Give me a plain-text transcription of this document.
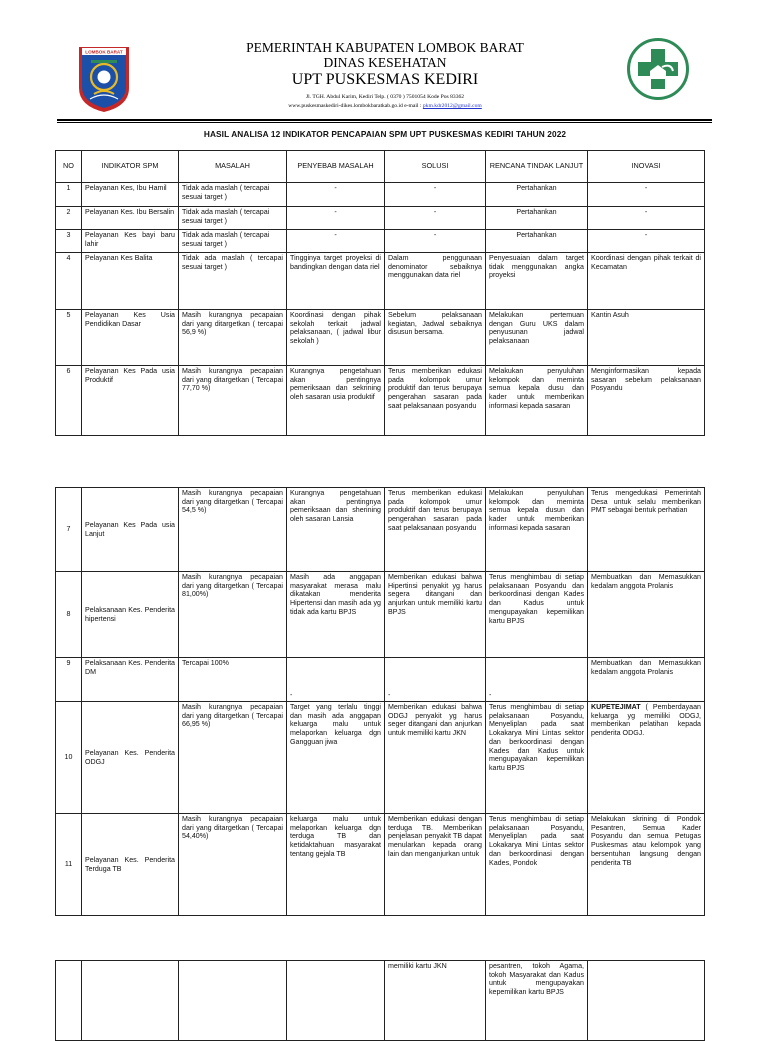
LOMBOK BARAT	PEMERINTAH KABUPATEN LOMBOK BARAT
DINAS KESEHATAN
UPT PUSKESMAS KEDIRI
Jl. TGH. Abdul Karim, Kediri Telp. ( 0370 ) 7501054 Kode Pos 83362
www.puskesmaskediri-dikes.lombokbaratkab.go.id e-mail : pkm.kdr2012@gmail.com
HASIL ANALISA 12 INDIKATOR PENCAPAIAN SPM UPT PUSKESMAS KEDIRI TAHUN 2022
NO	INDIKATOR SPM	MASALAH	PENYEBAB MASALAH	SOLUSI	RENCANA TINDAK LANJUT	INOVASI
1	Pelayanan Kes, Ibu Hamil	Tidak ada maslah ( tercapai sesuai target )	-	-	Pertahankan	-
2	Pelayanan Kes. Ibu Bersalin	Tidak ada maslah ( tercapai sesuai target )	-	-	Pertahankan	-
3	Pelayanan Kes bayi baru lahir	Tidak ada maslah ( tercapai sesuai target )	-	-	Pertahankan	-
4	Pelayanan Kes Balita	Tidak ada maslah ( tercapai sesuai target )	Tingginya target proyeksi di bandingkan dengan data riel	Dalam penggunaan denominator sebaiknya menggunakan data riel	Penyesuaian dalam target tidak menggunakan angka proyeksi	Koordinasi dengan pihak terkait di Kecamatan
5	Pelayanan Kes Usia Pendidikan Dasar	Masih kurangnya pecapaian dari yang ditargetkan ( tercapai 56,9 %)	Koordinasi dengan pihak sekolah terkait jadwal pelaksanaan, ( jadwal libur sekolah )	Sebelum pelaksanaan kegiatan, Jadwal sebaiknya disusun bersama.	Melakukan pertemuan dengan Guru UKS dalam penyusunan jadwal pelaksanaan	Kantin Asuh
6	Pelayanan Kes Pada usia Produktif	Masih kurangnya pecapaian dari yang ditargetkan ( Tercapai 77,70 %)	Kurangnya pengetahuan akan pentingnya pemeriksaan dan sekrining oleh sasaran usia produktif	Terus memberikan edukasi pada kolompok umur produktif dan terus berupaya pengerahan sasaran pada saat pelaksanaan posyandu	Melakukan penyuluhan kelompok dan meminta semua kepala dusu dan kader untuk memberikan informasi kepada sasaran	Menginformasikan kepada sasaran sebelum pelaksanaan Posyandu
7	Pelayanan Kes Pada usia Lanjut	Masih kurangnya pecapaian dari yang ditargetkan ( Tercapai 54,5 %)	Kurangnya pengetahuan akan pentingnya pemeriksaan dan sherining oleh sasaran Lansia	Terus memberikan edukasi pada kolompok umur produktif dan terus berupaya pengerahan sasaran pada saat pelaksanaan posyandu	Melakukan penyuluhan kelompok dan meminta semua kepala dusun dan kader untuk memberikan informasi kepada sasaran	Terus mengedukasi Pemerintah Desa untuk selalu memberikan PMT sebagai bentuk perhatian
8	Pelaksanaan Kes. Penderita hipertensi	Masih kurangnya pecapaian dari yang ditargetkan ( Tercapai 81,00%)	Masih ada anggapan masyarakat merasa malu dikatakan menderita Hipertensi dan masih ada yg tidak ada kartu BPJS	Memberikan edukasi bahwa Hipertinsi penyakit yg harus segera ditangani dan anjurkan untuk memiliki kartu BPJS	Terus menghimbau di setiap pelaksanaan Posyandu dan berkoordinasi dengan Kades dan Kadus untuk mengupayakan kepemilikan kartu BPJS	Membuatkan dan Memasukkan kedalam anggota Prolanis
9	Pelaksanaan Kes. Penderita DM	Tercapai 100%	-	-	-	Membuatkan dan Memasukkan kedalam anggota Prolanis
10	Pelayanan Kes. Penderita ODGJ	Masih kurangnya pecapaian dari yang ditargetkan ( Tercapai 66,95 %)	Target yang terlalu tinggi dan masih ada anggapan keluarga malu untuk melaporkan keluarga dgn Gangguan jiwa	Memberikan edukasi bahwa ODGJ penyakit yg harus seger ditangani dan anjurkan untuk memiliki kartu JKN	Terus menghimbau di setiap pelaksanaan Posyandu, Menyeliplan pada saat Lokakarya Mini Lintas sektor dan berkoordinasi dengan Kades dan Kadus untuk mengupayakan kepemilikan kartu BPJS	KUPETEJIMAT ( Pemberdayaan keluarga yg memiliki ODGJ, memberikan pelatihan kepada penderita ODGJ.
11	Pelayanan Kes. Penderita Terduga TB	Masih kurangnya pecapaian dari yang ditargetkan ( Tercapai 54,40%)	keluarga malu untuk melaporkan keluarga dgn terduga TB dan ketidaktahuan masyarakat tentang gejala TB	Memberikan edukasi dengan terduga TB. Memberikan penjelasan penyakit TB dapat menularkan kepada orang lain dan menganjurkan untuk	Terus menghimbau di setiap pelaksanaan Posyandu, Menyeliplan pada saat Lokakarya Mini Lintas sektor dan berkoordinasi dengan Kades, Pondok	Melakukan skrining di Pondok Pesantren, Semua Kader Posyandu dan semua Petugas Puskesmas atau kelompok yang bersentuhan langsung dengan penderita TB
				memiliki kartu JKN	pesantren, tokoh Agama, tokoh Masyarakat dan Kadus untuk mengupayakan kepemilikan kartu BPJS	
